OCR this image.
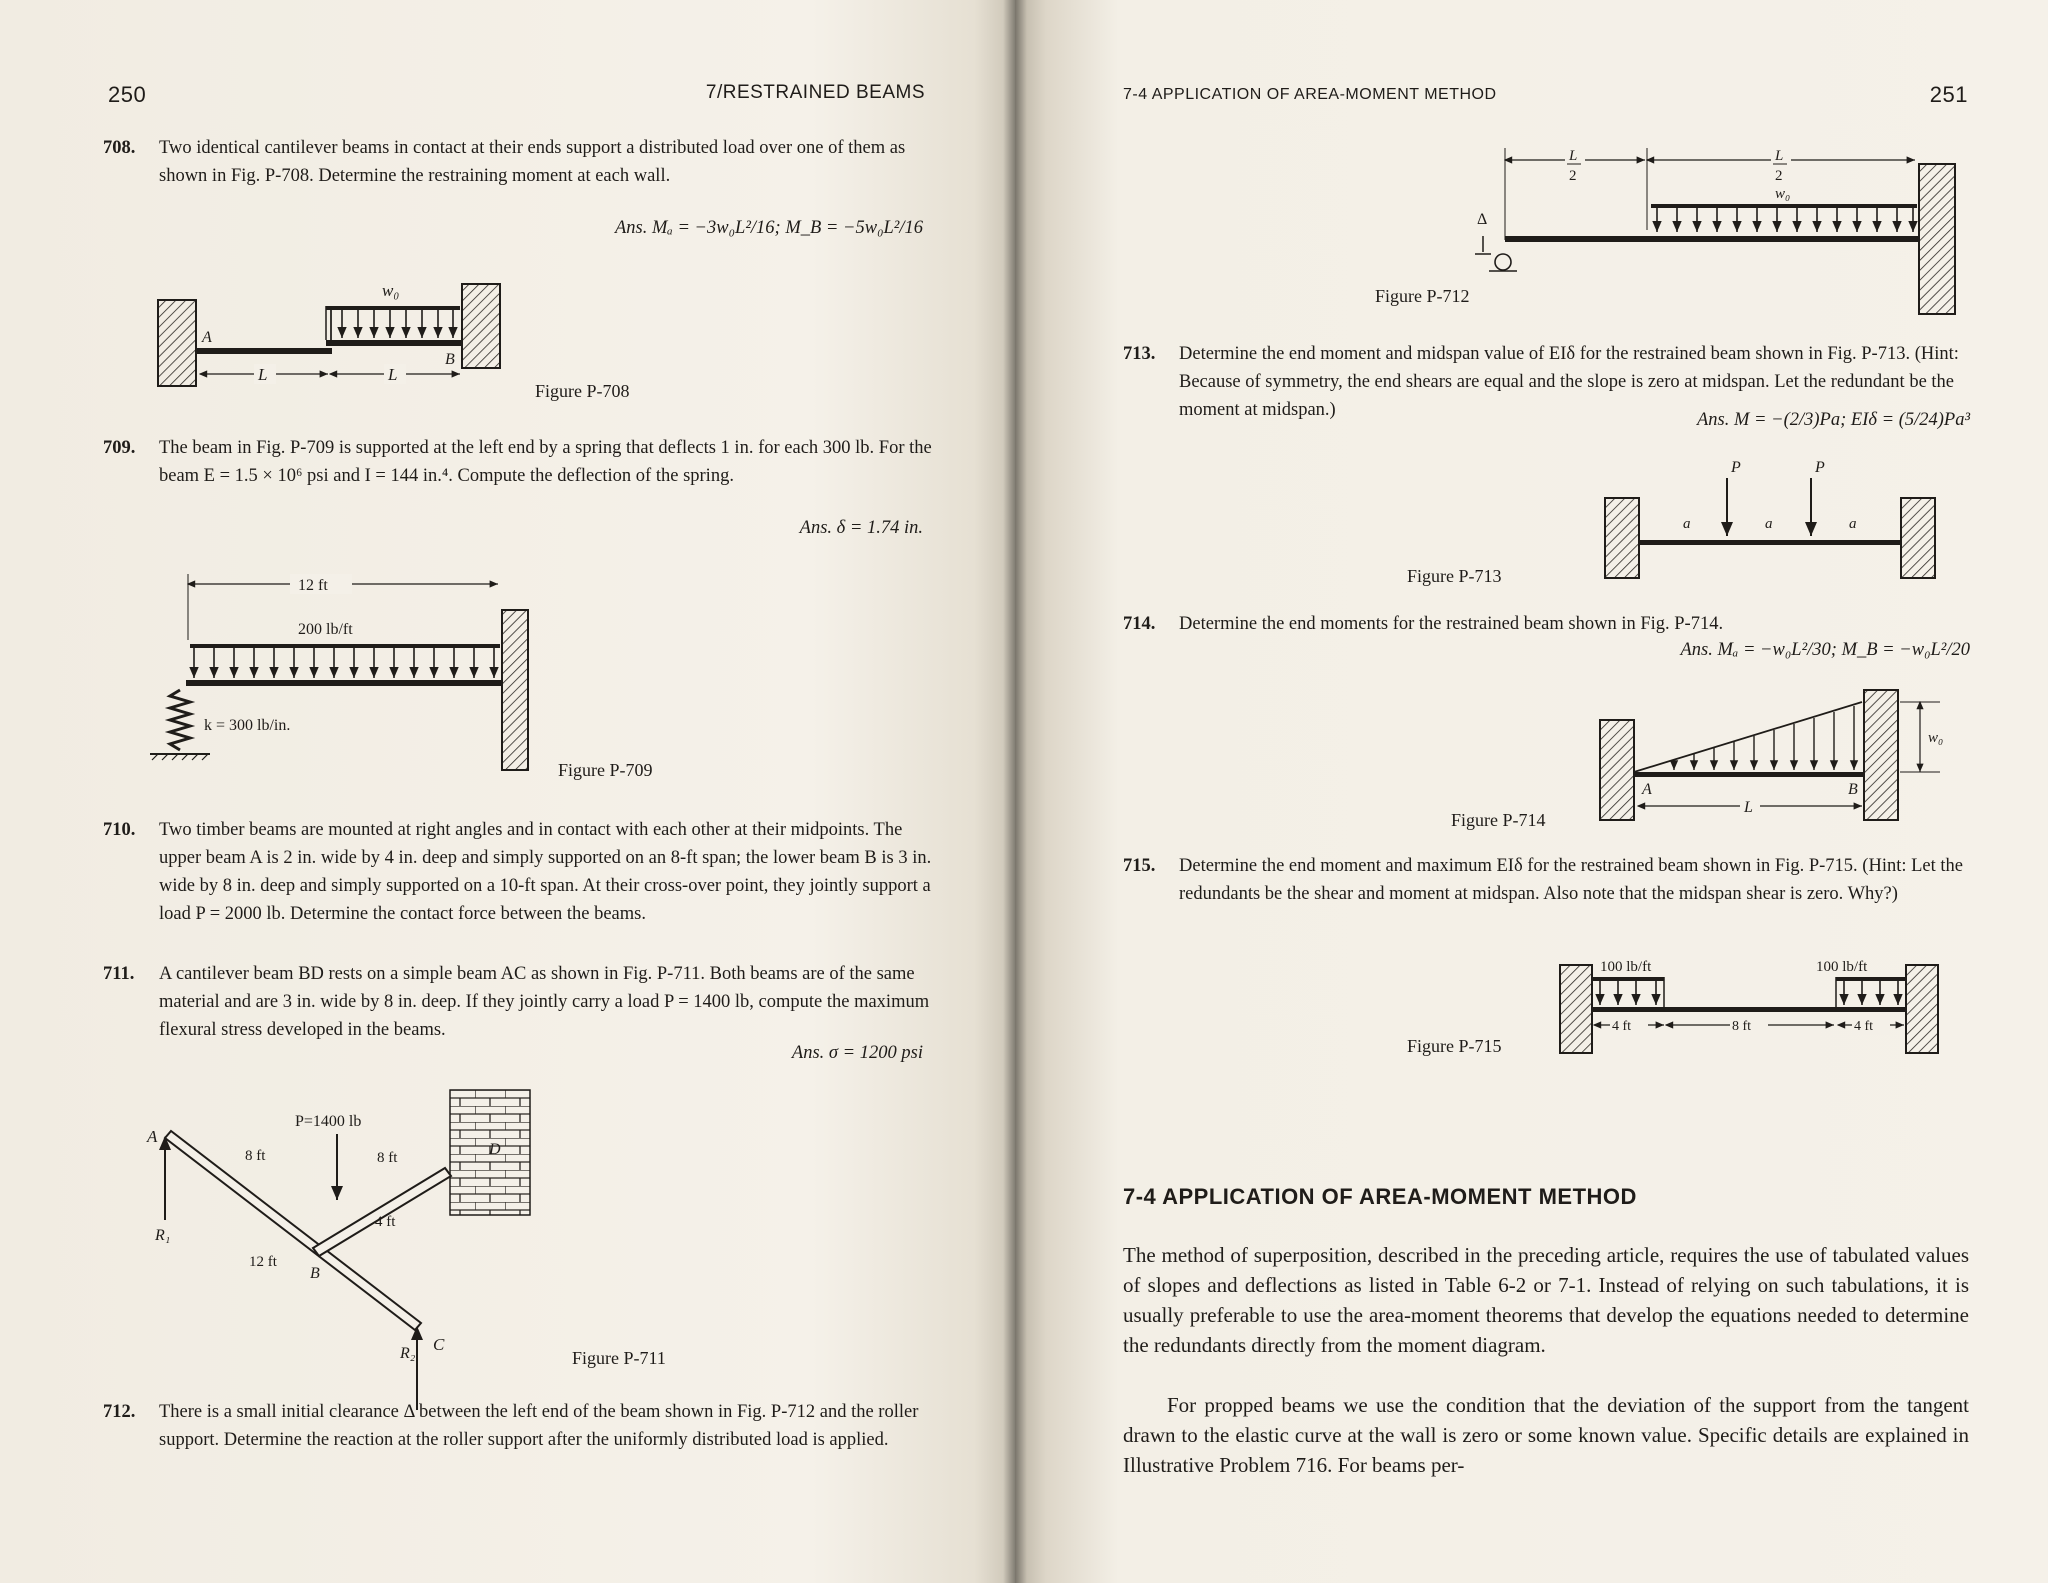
250	7/RESTRAINED BEAMS
708. Two identical cantilever beams in contact at their ends support a distributed load over one of them as shown in Fig. P-708. Determine the restraining moment at each wall.
Ans. Mₐ = −3w₀L²/16; M_B = −5w₀L²/16
w₀
A
B
L	L
Figure P-708
709. The beam in Fig. P-709 is supported at the left end by a spring that deflects 1 in. for each 300 lb. For the beam E = 1.5 × 10⁶ psi and I = 144 in.⁴. Compute the deflection of the spring.
Ans. δ = 1.74 in.
12 ft
200 lb/ft
k = 300 lb/in.
Figure P-709
710. Two timber beams are mounted at right angles and in contact with each other at their midpoints. The upper beam A is 2 in. wide by 4 in. deep and simply supported on an 8-ft span; the lower beam B is 3 in. wide by 8 in. deep and simply supported on a 10-ft span. At their cross-over point, they jointly support a load P = 2000 lb. Determine the contact force between the beams.
711. A cantilever beam BD rests on a simple beam AC as shown in Fig. P-711. Both beams are of the same material and are 3 in. wide by 8 in. deep. If they jointly carry a load P = 1400 lb, compute the maximum flexural stress developed in the beams.
Ans. σ = 1200 psi
P=1400 lb
A
B
C
D
R₁
R₂
8 ft	8 ft
12 ft
4 ft
Figure P-711
712. There is a small initial clearance Δ between the left end of the beam shown in Fig. P-712 and the roller support. Determine the reaction at the roller support after the uniformly distributed load is applied.
7-4 APPLICATION OF AREA-MOMENT METHOD	251
L
2
L
2
w₀
Δ
Figure P-712
713. Determine the end moment and midspan value of EIδ for the restrained beam shown in Fig. P-713. (Hint: Because of symmetry, the end shears are equal and the slope is zero at midspan. Let the redundant be the moment at midspan.)	Ans. M = −(2/3)Pa; EIδ = (5/24)Pa³
P	P
a	a	a
Figure P-713
714. Determine the end moments for the restrained beam shown in Fig. P-714.
Ans. Mₐ = −w₀L²/30; M_B = −w₀L²/20
w₀
A	B
L
Figure P-714
715. Determine the end moment and maximum EIδ for the restrained beam shown in Fig. P-715. (Hint: Let the redundants be the shear and moment at midspan. Also note that the midspan shear is zero. Why?)
100 lb/ft	100 lb/ft
4 ft	8 ft	4 ft
Figure P-715
7-4 APPLICATION OF AREA-MOMENT METHOD
The method of superposition, described in the preceding article, requires the use of tabulated values of slopes and deflections as listed in Table 6-2 or 7-1. Instead of relying on such tabulations, it is usually preferable to use the area-moment theorems that develop the equations needed to determine the redundants directly from the moment diagram.
For propped beams we use the condition that the deviation of the support from the tangent drawn to the elastic curve at the wall is zero or some known value. Specific details are explained in Illustrative Problem 716. For beams per-
